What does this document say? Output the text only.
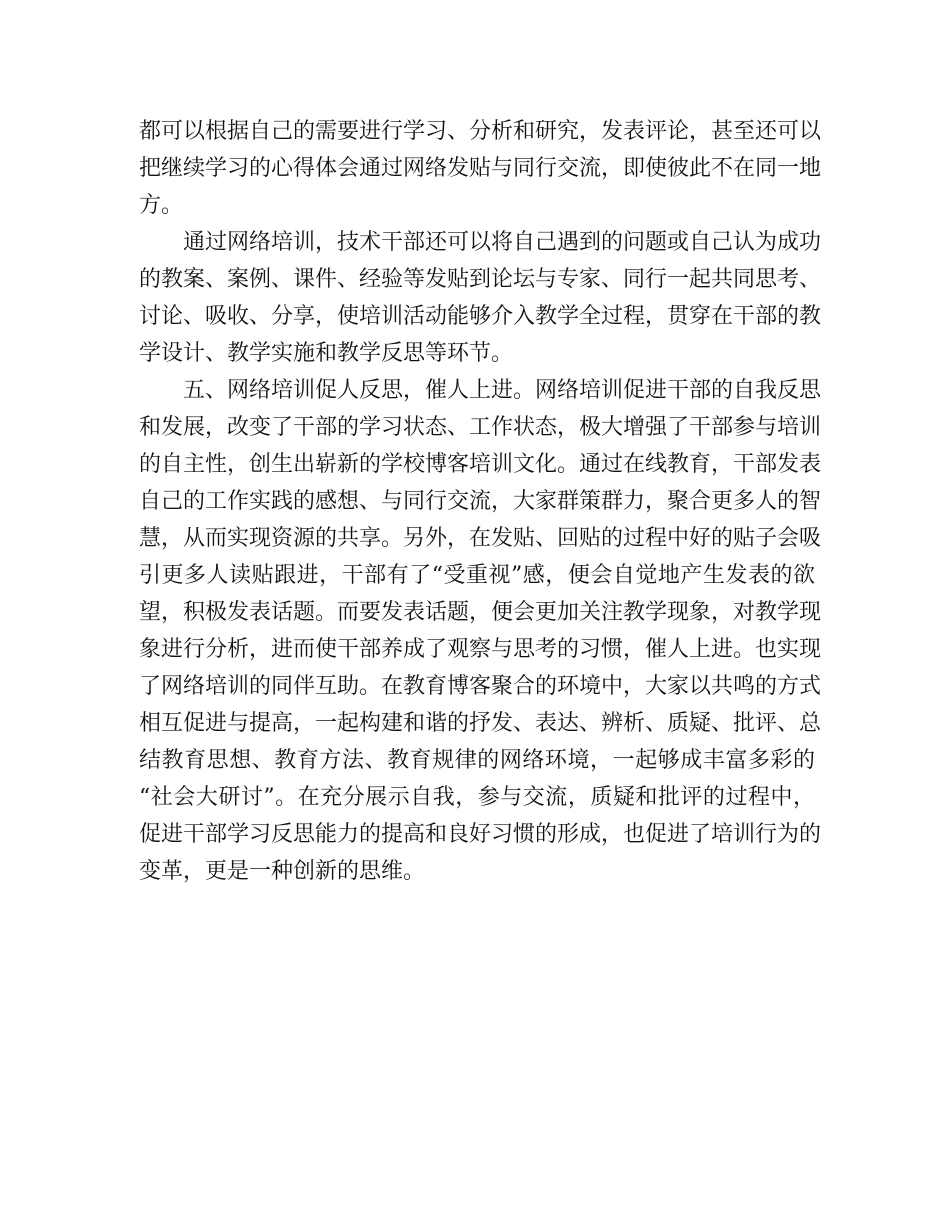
都可以根据自己的需要进行学习、分析和研究，发表评论，甚至还可以
把继续学习的心得体会通过网络发贴与同行交流，即使彼此不在同一地
方。
通过网络培训，技术干部还可以将自己遇到的问题或自己认为成功
的教案、案例、课件、经验等发贴到论坛与专家、同行一起共同思考、
讨论、吸收、分享，使培训活动能够介入教学全过程，贯穿在干部的教
学设计、教学实施和教学反思等环节。
五、网络培训促人反思，催人上进。网络培训促进干部的自我反思
和发展，改变了干部的学习状态、工作状态，极大增强了干部参与培训
的自主性，创生出崭新的学校博客培训文化。通过在线教育，干部发表
自己的工作实践的感想、与同行交流，大家群策群力，聚合更多人的智
慧，从而实现资源的共享。另外，在发贴、回贴的过程中好的贴子会吸
引更多人读贴跟进，干部有了“受重视”感，便会自觉地产生发表的欲
望，积极发表话题。而要发表话题，便会更加关注教学现象，对教学现
象进行分析，进而使干部养成了观察与思考的习惯，催人上进。也实现
了网络培训的同伴互助。在教育博客聚合的环境中，大家以共鸣的方式
相互促进与提高，一起构建和谐的抒发、表达、辨析、质疑、批评、总
结教育思想、教育方法、教育规律的网络环境，一起够成丰富多彩的
“社会大研讨”。在充分展示自我，参与交流，质疑和批评的过程中，
促进干部学习反思能力的提高和良好习惯的形成，也促进了培训行为的
变革，更是一种创新的思维。
